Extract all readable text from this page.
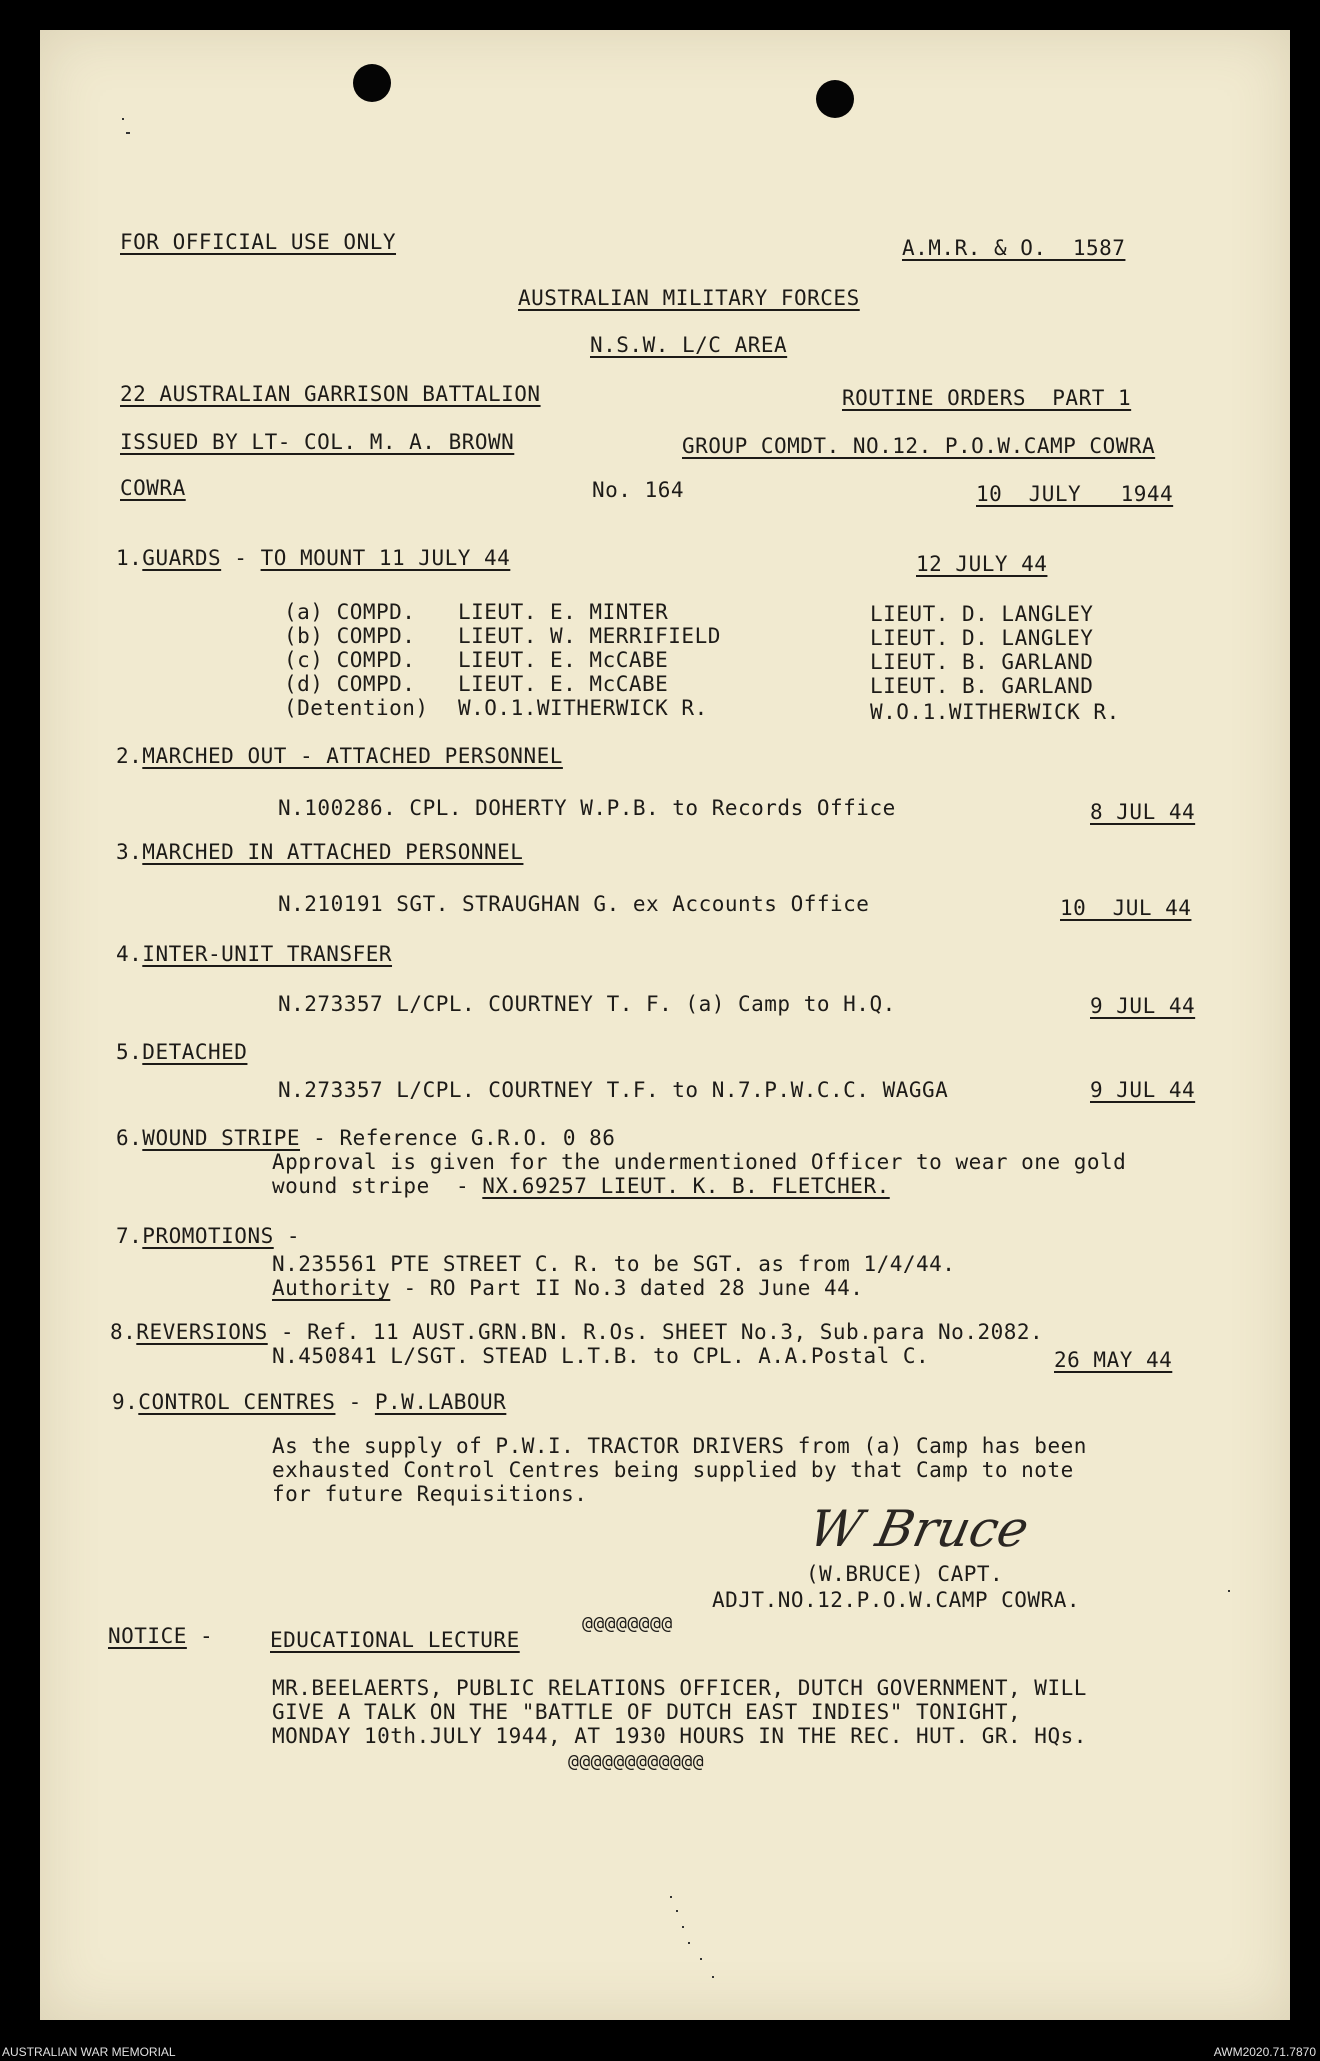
FOR OFFICIAL USE ONLY	A.M.R. & O.  1587
AUSTRALIAN MILITARY FORCES
N.S.W. L/C AREA
22 AUSTRALIAN GARRISON BATTALION	ROUTINE ORDERS  PART 1
ISSUED BY LT- COL. M. A. BROWN	GROUP COMDT. NO.12. P.O.W.CAMP COWRA
COWRA	No. 164	10  JULY   1944
1.GUARDS - TO MOUNT 11 JULY 44	12 JULY 44
(a) COMPD. LIEUT. E. MINTER	LIEUT. D. LANGLEY
(b) COMPD. LIEUT. W. MERRIFIELD	LIEUT. D. LANGLEY
(c) COMPD. LIEUT. E. McCABE	LIEUT. B. GARLAND
(d) COMPD. LIEUT. E. McCABE	LIEUT. B. GARLAND
(Detention) W.O.1.WITHERWICK R.	W.O.1.WITHERWICK R.
2.MARCHED OUT - ATTACHED PERSONNEL
N.100286. CPL. DOHERTY W.P.B. to Records Office	8 JUL 44
3.MARCHED IN ATTACHED PERSONNEL
N.210191 SGT. STRAUGHAN G. ex Accounts Office	10  JUL 44
4.INTER-UNIT TRANSFER
N.273357 L/CPL. COURTNEY T. F. (a) Camp to H.Q.	9 JUL 44
5.DETACHED
N.273357 L/CPL. COURTNEY T.F. to N.7.P.W.C.C. WAGGA	9 JUL 44
6.WOUND STRIPE - Reference G.R.O. 0 86
Approval is given for the undermentioned Officer to wear one gold
wound stripe  - NX.69257 LIEUT. K. B. FLETCHER.
7.PROMOTIONS -
N.235561 PTE STREET C. R. to be SGT. as from 1/4/44.
Authority - RO Part II No.3 dated 28 June 44.
8.REVERSIONS - Ref. 11 AUST.GRN.BN. R.Os. SHEET No.3, Sub.para No.2082.
N.450841 L/SGT. STEAD L.T.B. to CPL. A.A.Postal C.	26 MAY 44
9.CONTROL CENTRES - P.W.LABOUR
As the supply of P.W.I. TRACTOR DRIVERS from (a) Camp has been
exhausted Control Centres being supplied by that Camp to note
for future Requisitions.
W Bruce
(W.BRUCE) CAPT.
ADJT.NO.12.P.O.W.CAMP COWRA.
@@@@@@@@
NOTICE -	EDUCATIONAL LECTURE
MR.BEELAERTS, PUBLIC RELATIONS OFFICER, DUTCH GOVERNMENT, WILL
GIVE A TALK ON THE "BATTLE OF DUTCH EAST INDIES" TONIGHT,
MONDAY 10th.JULY 1944, AT 1930 HOURS IN THE REC. HUT. GR. HQs.
@@@@@@@@@@@@
AUSTRALIAN WAR MEMORIAL	AWM2020.71.7870
